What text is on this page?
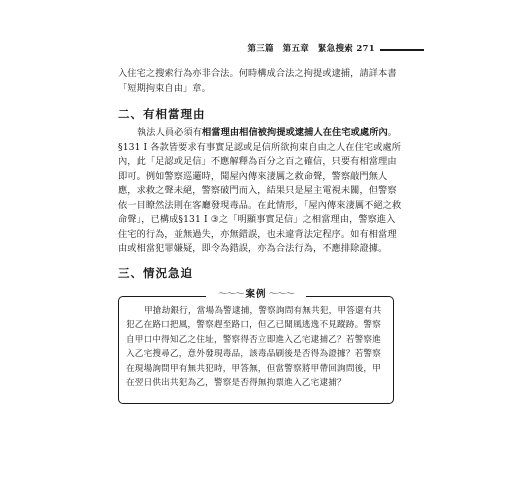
第三篇　第五章　緊急搜索 271
入住宅之搜索行為亦非合法。何時構成合法之拘提或逮捕，請詳本書「短期拘束自由」章。
二、有相當理由
執法人員必須有相當理由相信被拘提或逮捕人在住宅或處所內。§131 I 各款皆要求有事實足認或足信所欲拘束自由之人在住宅或處所內，此「足認或足信」不應解釋為百分之百之確信，只要有相當理由即可。例如警察巡邏時，聞屋內傳來淒厲之救命聲，警察敲門無人應，求救之聲未絕，警察破門而入，結果只是屋主電視未關，但警察依一目瞭然法則在客廳發現毒品。在此情形，「屋內傳來淒厲不絕之救命聲」，已構成§131 I ③之「明顯事實足信」之相當理由，警察進入住宅的行為，並無過失，亦無錯誤，也未違背法定程序。如有相當理由或相當犯罪嫌疑，即令為錯誤，亦為合法行為，不應排除證據。
三、情況急迫
～～～ 案例 ～～～
甲搶劫銀行，當場為警逮捕，警察詢問有無共犯，甲答還有共犯乙在路口把風，警察趕至路口，但乙已聞風逃逸不見蹤跡。警察自甲口中得知乙之住址，警察得否立即進入乙宅逮捕乙？若警察進入乙宅搜尋乙，意外發現毒品，該毒品刷後是否得為證據？若警察在現場詢問甲有無共犯時，甲答無，但當警察將甲帶回詢問後，甲在翌日供出共犯為乙，警察是否得無拘票進入乙宅逮捕？
